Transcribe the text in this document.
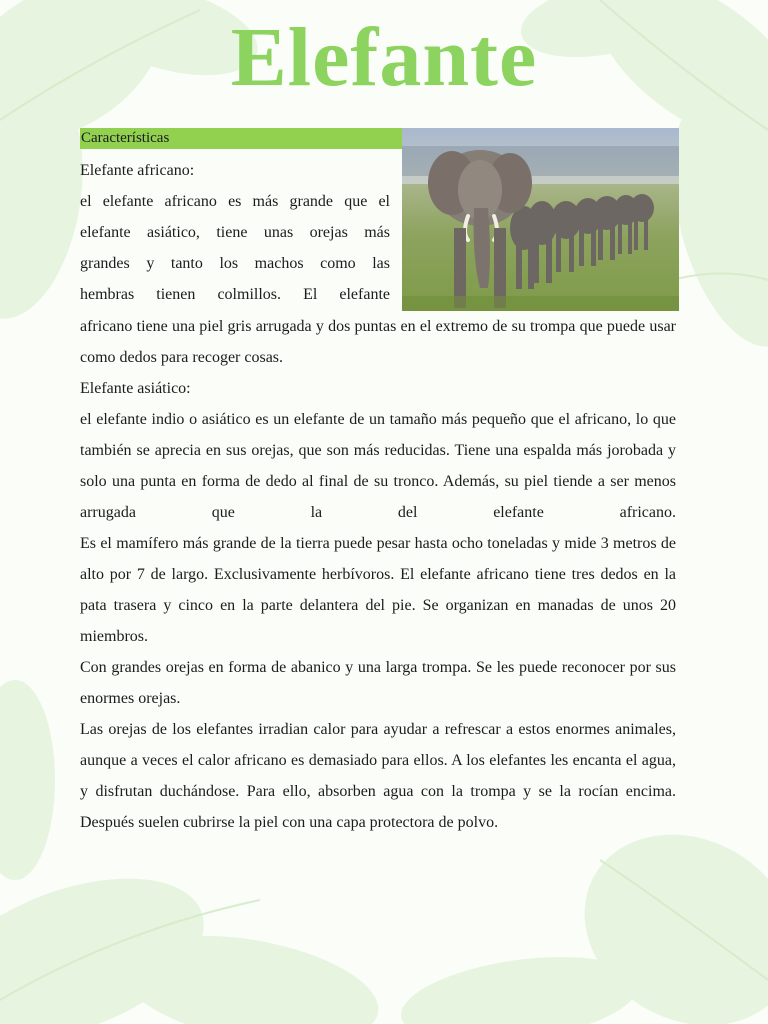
Elefante
Características

Elefante africano:

el elefante africano es más grande que el

elefante asiático, tiene unas orejas más

grandes y tanto los machos como las

hembras tienen colmillos. El elefante

africano tiene una piel gris arrugada y dos puntas en el extremo de su trompa que puede usar como dedos para recoger cosas.

Elefante asiático:

el elefante indio o asiático es un elefante de un tamaño más pequeño que el africano, lo que también se aprecia en sus orejas, que son más reducidas. Tiene una espalda más jorobada y solo una punta en forma de dedo al final de su tronco. Además, su piel tiende a ser menos arrugada que la del elefante africano.

Es el mamífero más grande de la tierra puede pesar hasta ocho toneladas y mide 3 metros de alto por 7 de largo. Exclusivamente herbívoros. El elefante africano tiene tres dedos en la pata trasera y cinco en la parte delantera del pie. Se organizan en manadas de unos 20 miembros.

Con grandes orejas en forma de abanico y una larga trompa. Se les puede reconocer por sus enormes orejas.

Las orejas de los elefantes irradian calor para ayudar a refrescar a estos enormes animales, aunque a veces el calor africano es demasiado para ellos. A los elefantes les encanta el agua, y disfrutan duchándose. Para ello, absorben agua con la trompa y se la rocían encima. Después suelen cubrirse la piel con una capa protectora de polvo.
